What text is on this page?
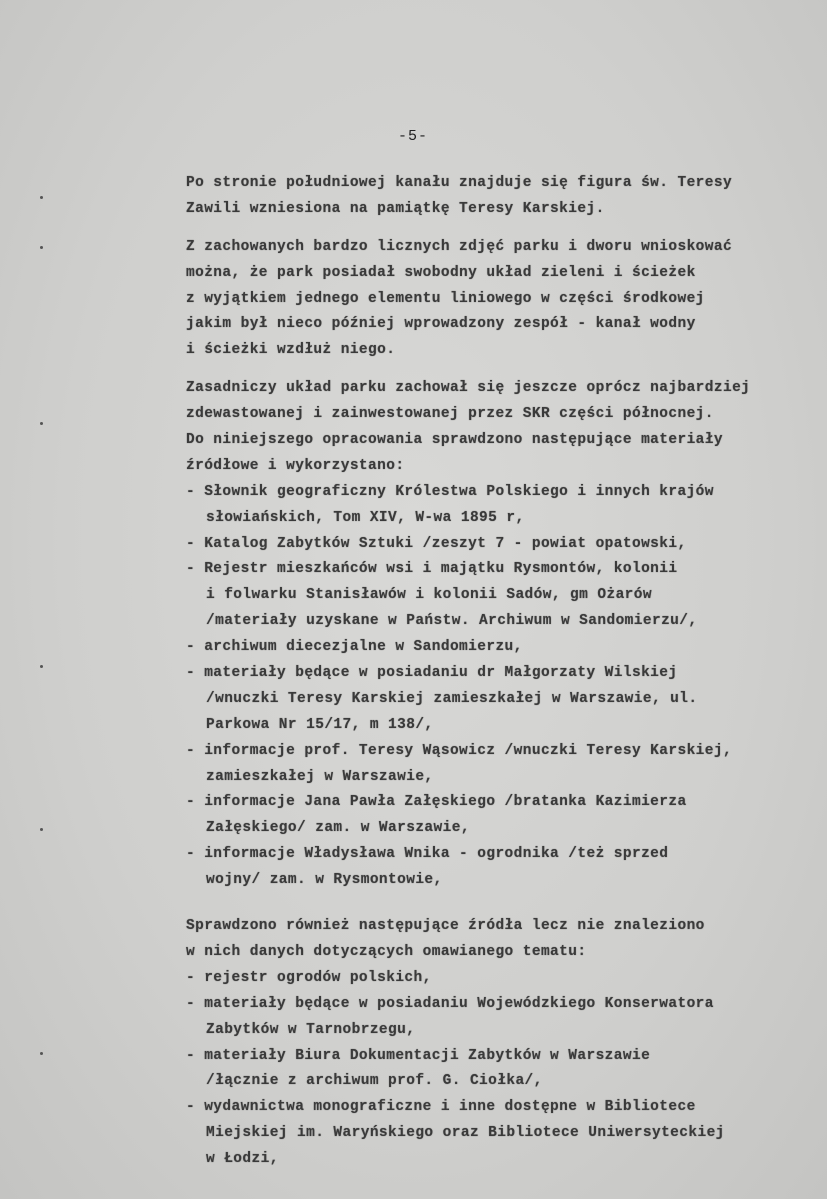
-5-
Po stronie południowej kanału znajduje się figura św. Teresy
Zawili wzniesiona na pamiątkę Teresy Karskiej.
Z zachowanych bardzo licznych zdjęć parku i dworu wnioskować
można, że park posiadał swobodny układ zieleni i ścieżek
z wyjątkiem jednego elementu liniowego w części środkowej
jakim był nieco później wprowadzony zespół - kanał wodny
i ścieżki wzdłuż niego.
Zasadniczy układ parku zachował się jeszcze oprócz najbardziej
zdewastowanej i zainwestowanej przez SKR części północnej.
Do niniejszego opracowania sprawdzono następujące materiały
źródłowe i wykorzystano:
- Słownik geograficzny Królestwa Polskiego i innych krajów
słowiańskich, Tom XIV, W-wa 1895 r,
- Katalog Zabytków Sztuki /zeszyt 7 - powiat opatowski,
- Rejestr mieszkańców wsi i majątku Rysmontów, kolonii
i folwarku Stanisławów i kolonii Sadów, gm Ożarów
/materiały uzyskane w Państw. Archiwum w Sandomierzu/,
- archiwum diecezjalne w Sandomierzu,
- materiały będące w posiadaniu dr Małgorzaty Wilskiej
/wnuczki Teresy Karskiej zamieszkałej w Warszawie, ul.
Parkowa Nr 15/17, m 138/,
- informacje prof. Teresy Wąsowicz /wnuczki Teresy Karskiej,
zamieszkałej w Warszawie,
- informacje Jana Pawła Załęskiego /bratanka Kazimierza
Załęskiego/ zam. w Warszawie,
- informacje Władysława Wnika - ogrodnika /też sprzed
wojny/ zam. w Rysmontowie,
Sprawdzono również następujące źródła lecz nie znaleziono
w nich danych dotyczących omawianego tematu:
- rejestr ogrodów polskich,
- materiały będące w posiadaniu Wojewódzkiego Konserwatora
Zabytków w Tarnobrzegu,
- materiały Biura Dokumentacji Zabytków w Warszawie
/łącznie z archiwum prof. G. Ciołka/,
- wydawnictwa monograficzne i inne dostępne w Bibliotece
Miejskiej im. Waryńskiego oraz Bibliotece Uniwersyteckiej
w Łodzi,
